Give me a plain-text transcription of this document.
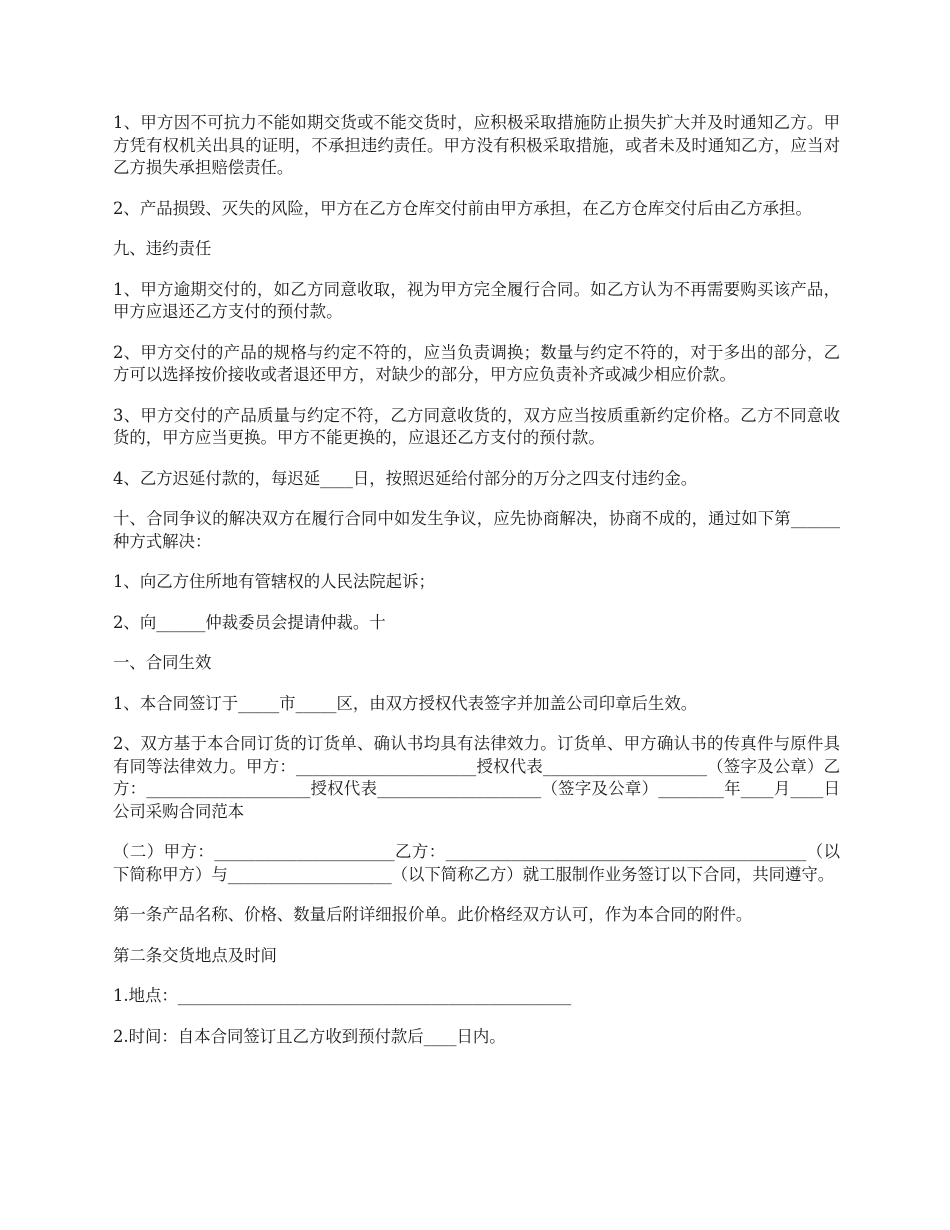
1、甲方因不可抗力不能如期交货或不能交货时，应积极采取措施防止损失扩大并及时通知乙方。甲方凭有权机关出具的证明，不承担违约责任。甲方没有积极采取措施，或者未及时通知乙方，应当对乙方损失承担赔偿责任。

2、产品损毁、灭失的风险，甲方在乙方仓库交付前由甲方承担，在乙方仓库交付后由乙方承担。

九、违约责任

1、甲方逾期交付的，如乙方同意收取，视为甲方完全履行合同。如乙方认为不再需要购买该产品，甲方应退还乙方支付的预付款。

2、甲方交付的产品的规格与约定不符的，应当负责调换；数量与约定不符的，对于多出的部分，乙方可以选择按价接收或者退还甲方，对缺少的部分，甲方应负责补齐或减少相应价款。

3、甲方交付的产品质量与约定不符，乙方同意收货的，双方应当按质重新约定价格。乙方不同意收货的，甲方应当更换。甲方不能更换的，应退还乙方支付的预付款。

4、乙方迟延付款的，每迟延____日，按照迟延给付部分的万分之四支付违约金。

十、合同争议的解决双方在履行合同中如发生争议，应先协商解决，协商不成的，通过如下第______种方式解决：

1、向乙方住所地有管辖权的人民法院起诉；

2、向______仲裁委员会提请仲裁。十

一、合同生效

1、本合同签订于_____市_____区，由双方授权代表签字并加盖公司印章后生效。

2、双方基于本合同订货的订货单、确认书均具有法律效力。订货单、甲方确认书的传真件与原件具有同等法律效力。甲方：______________________授权代表____________________（签字及公章）乙方：____________________授权代表____________________（签字及公章）________年____月____日公司采购合同范本

（二）甲方：______________________乙方：____________________________________________（以下简称甲方）与____________________（以下简称乙方）就工服制作业务签订以下合同，共同遵守。

第一条产品名称、价格、数量后附详细报价单。此价格经双方认可，作为本合同的附件。

第二条交货地点及时间

1.地点：________________________________________________

2.时间：自本合同签订且乙方收到预付款后____日内。
